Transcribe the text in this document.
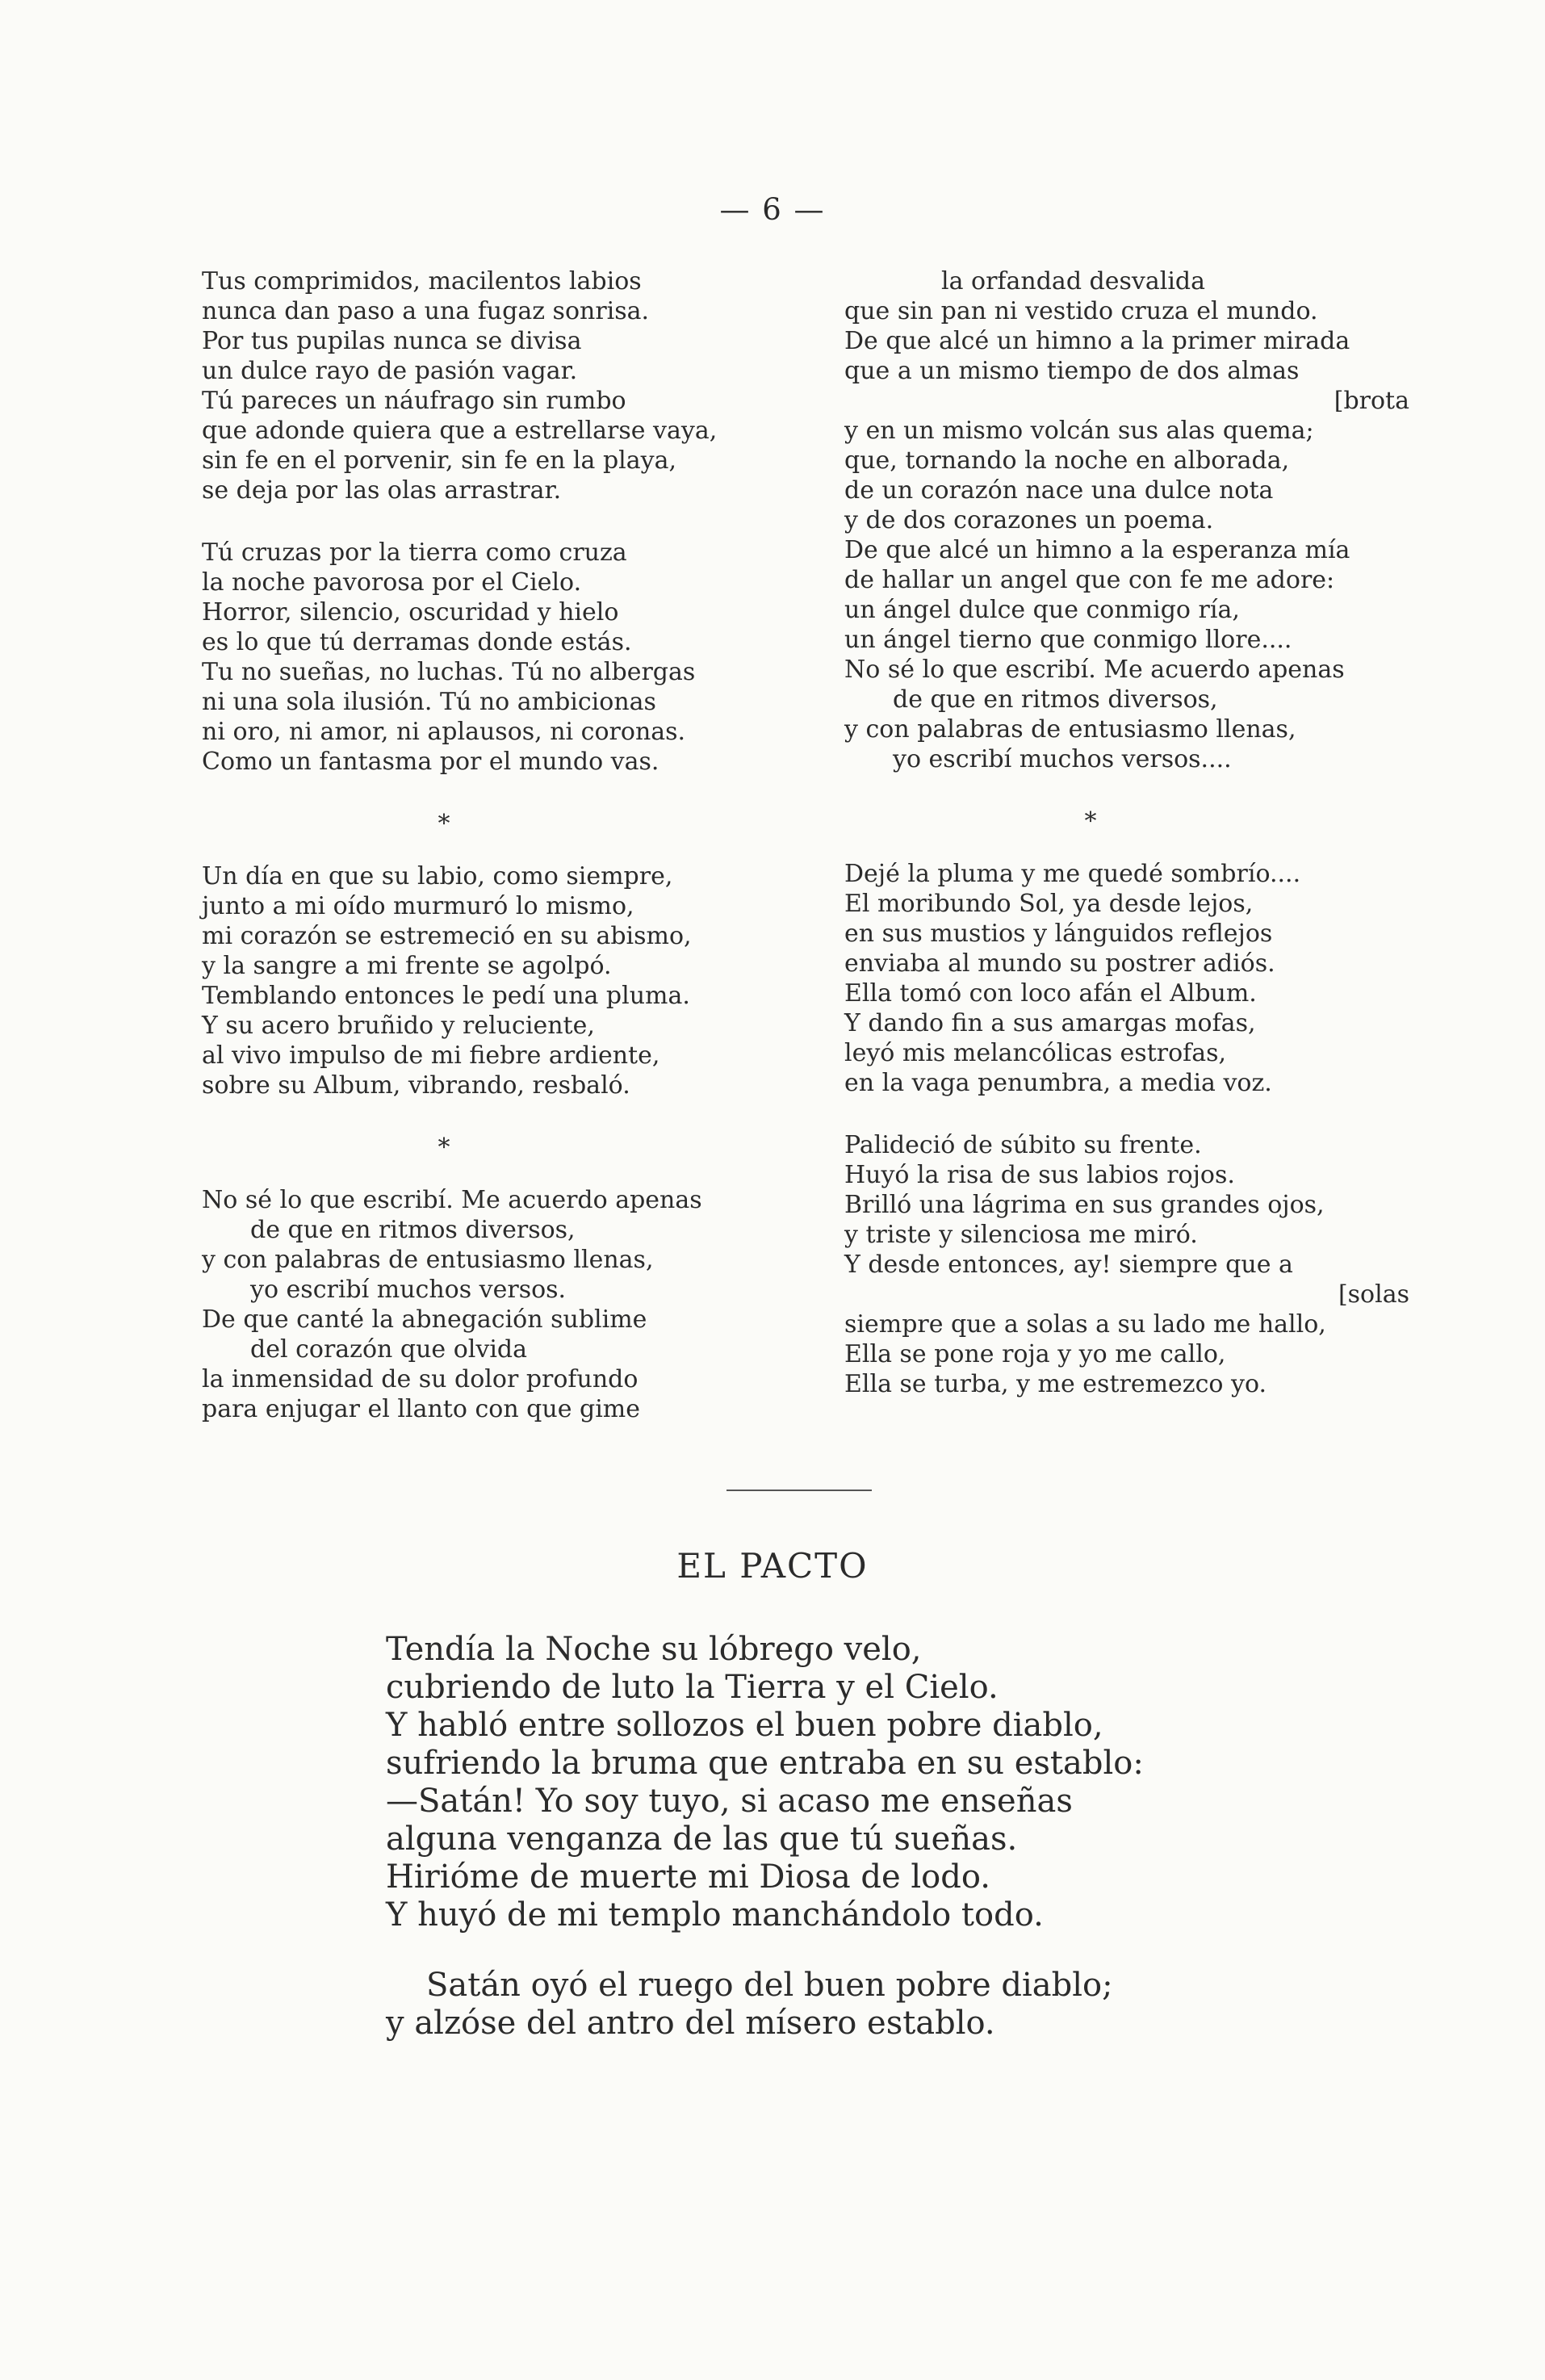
— 6 —
Tus comprimidos, macilentos labios
nunca dan paso a una fugaz sonrisa.
Por tus pupilas nunca se divisa
un dulce rayo de pasión vagar.
Tú pareces un náufrago sin rumbo
que adonde quiera que a estrellarse vaya,
sin fe en el porvenir, sin fe en la playa,
se deja por las olas arrastrar.
Tú cruzas por la tierra como cruza
la noche pavorosa por el Cielo.
Horror, silencio, oscuridad y hielo
es lo que tú derramas donde estás.
Tu no sueñas, no luchas. Tú no albergas
ni una sola ilusión. Tú no ambicionas
ni oro, ni amor, ni aplausos, ni coronas.
Como un fantasma por el mundo vas.
*
Un día en que su labio, como siempre,
junto a mi oído murmuró lo mismo,
mi corazón se estremeció en su abismo,
y la sangre a mi frente se agolpó.
Temblando entonces le pedí una pluma.
Y su acero bruñido y reluciente,
al vivo impulso de mi fiebre ardiente,
sobre su Album, vibrando, resbaló.
*
No sé lo que escribí. Me acuerdo apenas
de que en ritmos diversos,
y con palabras de entusiasmo llenas,
yo escribí muchos versos.
De que canté la abnegación sublime
del corazón que olvida
la inmensidad de su dolor profundo
para enjugar el llanto con que gime
la orfandad desvalida
que sin pan ni vestido cruza el mundo.
De que alcé un himno a la primer mirada
que a un mismo tiempo de dos almas
[brota
y en un mismo volcán sus alas quema;
que, tornando la noche en alborada,
de un corazón nace una dulce nota
y de dos corazones un poema.
De que alcé un himno a la esperanza mía
de hallar un angel que con fe me adore:
un ángel dulce que conmigo ría,
un ángel tierno que conmigo llore....
No sé lo que escribí. Me acuerdo apenas
de que en ritmos diversos,
y con palabras de entusiasmo llenas,
yo escribí muchos versos....
*
Dejé la pluma y me quedé sombrío....
El moribundo Sol, ya desde lejos,
en sus mustios y lánguidos reflejos
enviaba al mundo su postrer adiós.
Ella tomó con loco afán el Album.
Y dando fin a sus amargas mofas,
leyó mis melancólicas estrofas,
en la vaga penumbra, a media voz.
Palideció de súbito su frente.
Huyó la risa de sus labios rojos.
Brilló una lágrima en sus grandes ojos,
y triste y silenciosa me miró.
Y desde entonces, ay! siempre que a
[solas
siempre que a solas a su lado me hallo,
Ella se pone roja y yo me callo,
Ella se turba, y me estremezco yo.
EL PACTO
Tendía la Noche su lóbrego velo,
cubriendo de luto la Tierra y el Cielo.
Y habló entre sollozos el buen pobre diablo,
sufriendo la bruma que entraba en su establo:
—Satán! Yo soy tuyo, si acaso me enseñas
alguna venganza de las que tú sueñas.
Hirióme de muerte mi Diosa de lodo.
Y huyó de mi templo manchándolo todo.
Satán oyó el ruego del buen pobre diablo;
y alzóse del antro del mísero establo.
